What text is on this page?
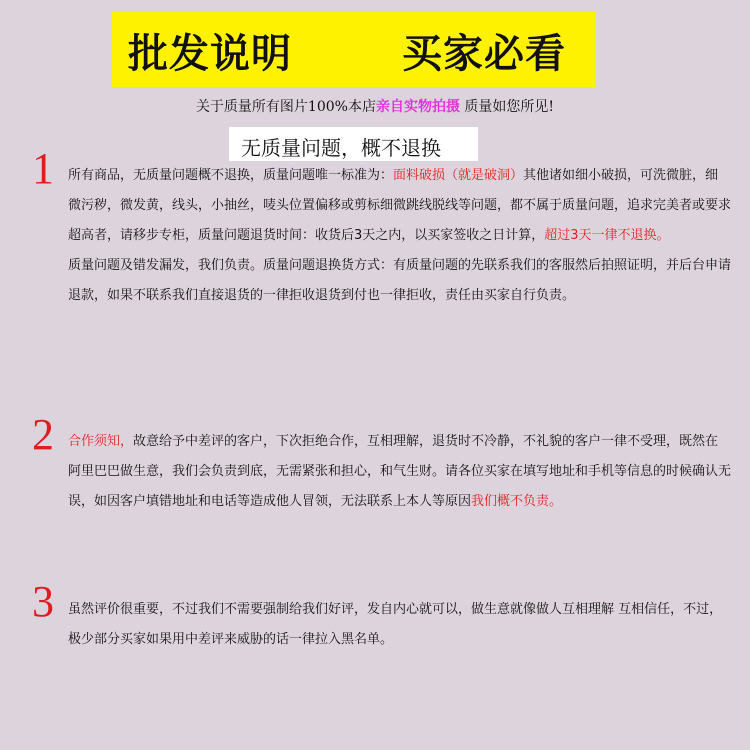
批发说明	买家必看
关于质量所有图片100%本店亲自实物拍摄 质量如您所见!
无质量问题，概不退换
1 所有商品，无质量问题概不退换，质量问题唯一标准为：面料破损（就是破洞）其他诸如细小破损，可洗微脏，细微污秽，微发黄，线头，小抽丝，唛头位置偏移或剪标细微跳线脱线等问题，都不属于质量问题，追求完美者或要求超高者，请移步专柜，质量问题退货时间：收货后3天之内，以买家签收之日计算，超过3天一律不退换。

质量问题及错发漏发，我们负责。质量问题退换货方式：有质量问题的先联系我们的客服然后拍照证明，并后台申请退款，如果不联系我们直接退货的一律拒收退货到付也一律拒收，责任由买家自行负责。

2 合作须知，故意给予中差评的客户，下次拒绝合作，互相理解，退货时不冷静，不礼貌的客户一律不受理，既然在阿里巴巴做生意，我们会负责到底，无需紧张和担心，和气生财。请各位买家在填写地址和手机等信息的时候确认无误，如因客户填错地址和电话等造成他人冒领，无法联系上本人等原因我们概不负责。

3 虽然评价很重要，不过我们不需要强制给我们好评，发自内心就可以，做生意就像做人互相理解 互相信任，不过，极少部分买家如果用中差评来威胁的话一律拉入黑名单。
